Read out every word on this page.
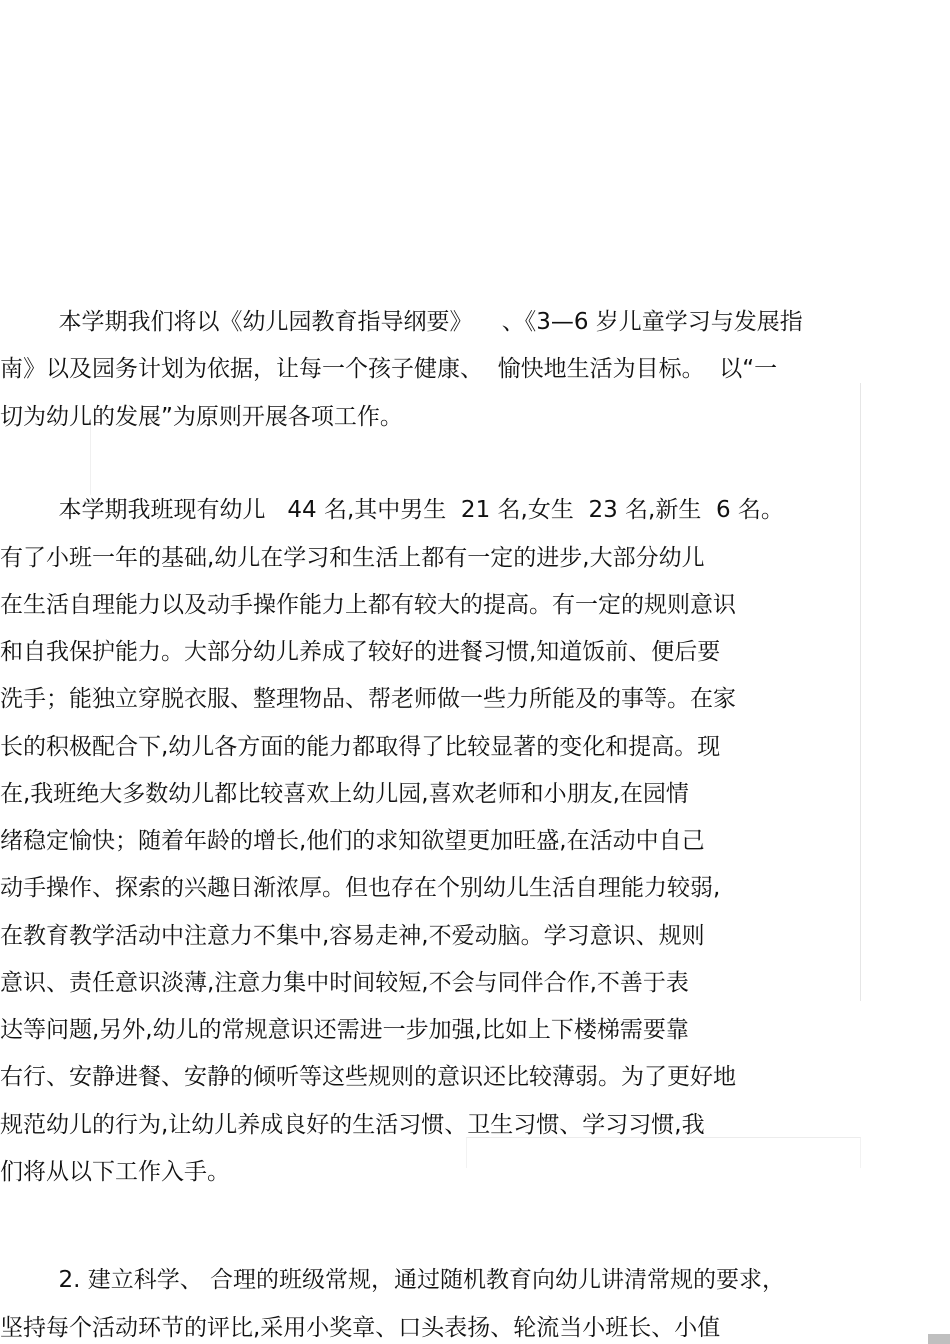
本学期我们将以《幼儿园教育指导纲要》    、《3—6 岁儿童学习与发展指

南》以及园务计划为依据，让每一个孩子健康、  愉快地生活为目标。  以“一

切为幼儿的发展”为原则开展各项工作。

本学期我班现有幼儿   44 名,其中男生  21 名,女生  23 名,新生  6 名。

有了小班一年的基础,幼儿在学习和生活上都有一定的进步,大部分幼儿

在生活自理能力以及动手操作能力上都有较大的提高。有一定的规则意识

和自我保护能力。大部分幼儿养成了较好的进餐习惯,知道饭前、便后要

洗手；能独立穿脱衣服、整理物品、帮老师做一些力所能及的事等。在家

长的积极配合下,幼儿各方面的能力都取得了比较显著的变化和提高。现

在,我班绝大多数幼儿都比较喜欢上幼儿园,喜欢老师和小朋友,在园情

绪稳定愉快；随着年龄的增长,他们的求知欲望更加旺盛,在活动中自己

动手操作、探索的兴趣日渐浓厚。但也存在个别幼儿生活自理能力较弱,

在教育教学活动中注意力不集中,容易走神,不爱动脑。学习意识、规则

意识、责任意识淡薄,注意力集中时间较短,不会与同伴合作,不善于表

达等问题,另外,幼儿的常规意识还需进一步加强,比如上下楼梯需要靠

右行、安静进餐、安静的倾听等这些规则的意识还比较薄弱。为了更好地

规范幼儿的行为,让幼儿养成良好的生活习惯、卫生习惯、学习习惯,我

们将从以下工作入手。

2. 建立科学、 合理的班级常规，通过随机教育向幼儿讲清常规的要求，

坚持每个活动环节的评比,采用小奖章、口头表扬、轮流当小班长、小值
